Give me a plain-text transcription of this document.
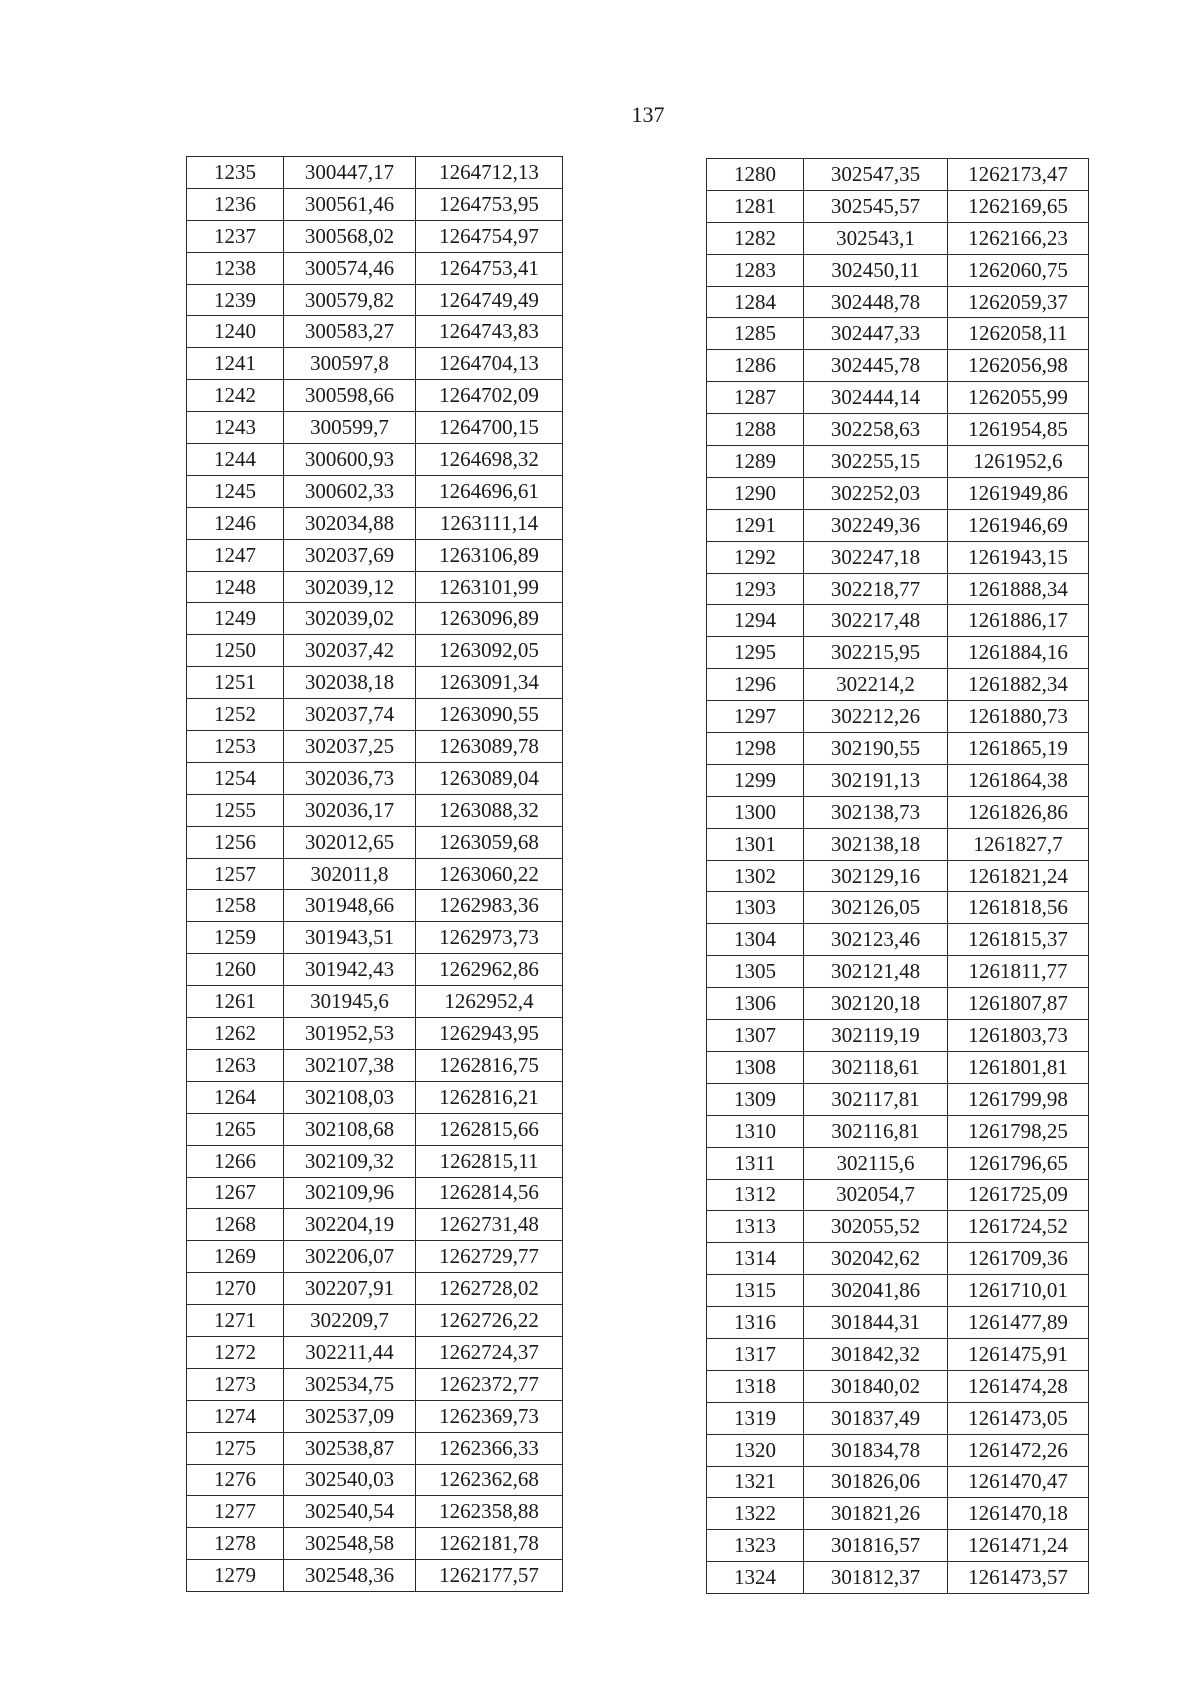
137
1235	300447,17	1264712,13
1236	300561,46	1264753,95
1237	300568,02	1264754,97
1238	300574,46	1264753,41
1239	300579,82	1264749,49
1240	300583,27	1264743,83
1241	300597,8	1264704,13
1242	300598,66	1264702,09
1243	300599,7	1264700,15
1244	300600,93	1264698,32
1245	300602,33	1264696,61
1246	302034,88	1263111,14
1247	302037,69	1263106,89
1248	302039,12	1263101,99
1249	302039,02	1263096,89
1250	302037,42	1263092,05
1251	302038,18	1263091,34
1252	302037,74	1263090,55
1253	302037,25	1263089,78
1254	302036,73	1263089,04
1255	302036,17	1263088,32
1256	302012,65	1263059,68
1257	302011,8	1263060,22
1258	301948,66	1262983,36
1259	301943,51	1262973,73
1260	301942,43	1262962,86
1261	301945,6	1262952,4
1262	301952,53	1262943,95
1263	302107,38	1262816,75
1264	302108,03	1262816,21
1265	302108,68	1262815,66
1266	302109,32	1262815,11
1267	302109,96	1262814,56
1268	302204,19	1262731,48
1269	302206,07	1262729,77
1270	302207,91	1262728,02
1271	302209,7	1262726,22
1272	302211,44	1262724,37
1273	302534,75	1262372,77
1274	302537,09	1262369,73
1275	302538,87	1262366,33
1276	302540,03	1262362,68
1277	302540,54	1262358,88
1278	302548,58	1262181,78
1279	302548,36	1262177,57
1280	302547,35	1262173,47
1281	302545,57	1262169,65
1282	302543,1	1262166,23
1283	302450,11	1262060,75
1284	302448,78	1262059,37
1285	302447,33	1262058,11
1286	302445,78	1262056,98
1287	302444,14	1262055,99
1288	302258,63	1261954,85
1289	302255,15	1261952,6
1290	302252,03	1261949,86
1291	302249,36	1261946,69
1292	302247,18	1261943,15
1293	302218,77	1261888,34
1294	302217,48	1261886,17
1295	302215,95	1261884,16
1296	302214,2	1261882,34
1297	302212,26	1261880,73
1298	302190,55	1261865,19
1299	302191,13	1261864,38
1300	302138,73	1261826,86
1301	302138,18	1261827,7
1302	302129,16	1261821,24
1303	302126,05	1261818,56
1304	302123,46	1261815,37
1305	302121,48	1261811,77
1306	302120,18	1261807,87
1307	302119,19	1261803,73
1308	302118,61	1261801,81
1309	302117,81	1261799,98
1310	302116,81	1261798,25
1311	302115,6	1261796,65
1312	302054,7	1261725,09
1313	302055,52	1261724,52
1314	302042,62	1261709,36
1315	302041,86	1261710,01
1316	301844,31	1261477,89
1317	301842,32	1261475,91
1318	301840,02	1261474,28
1319	301837,49	1261473,05
1320	301834,78	1261472,26
1321	301826,06	1261470,47
1322	301821,26	1261470,18
1323	301816,57	1261471,24
1324	301812,37	1261473,57
